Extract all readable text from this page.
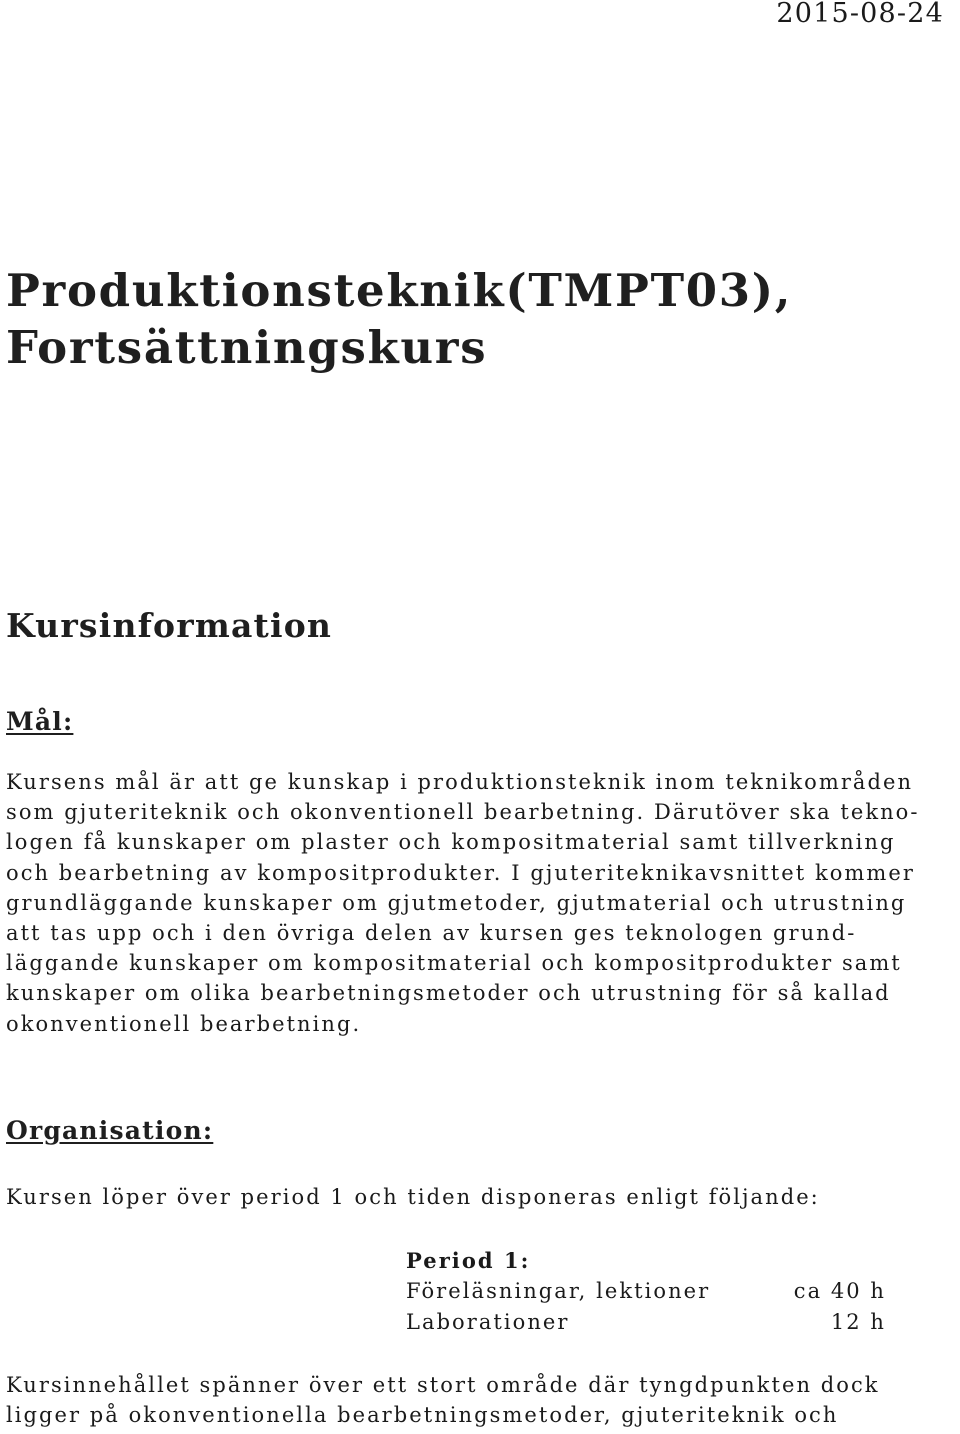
2015-08-24
Produktionsteknik(TMPT03),
Fortsättningskurs
Kursinformation
Mål:
Kursens mål är att ge kunskap i produktionsteknik inom teknikområden
som gjuteriteknik och okonventionell bearbetning. Därutöver ska tekno-
logen få kunskaper om plaster och kompositmaterial samt tillverkning
och bearbetning av kompositprodukter. I gjuteriteknikavsnittet kommer
grundläggande kunskaper om gjutmetoder, gjutmaterial och utrustning
att tas upp och i den övriga delen av kursen ges teknologen grund-
läggande kunskaper om kompositmaterial och kompositprodukter samt
kunskaper om olika bearbetningsmetoder och utrustning för så kallad
okonventionell bearbetning.
Organisation:
Kursen löper över period 1 och tiden disponeras enligt följande:
Period 1:
Föreläsningar, lektioner	ca 40 h
Laborationer	12 h
Kursinnehållet spänner över ett stort område där tyngdpunkten dock
ligger på okonventionella bearbetningsmetoder, gjuteriteknik och
